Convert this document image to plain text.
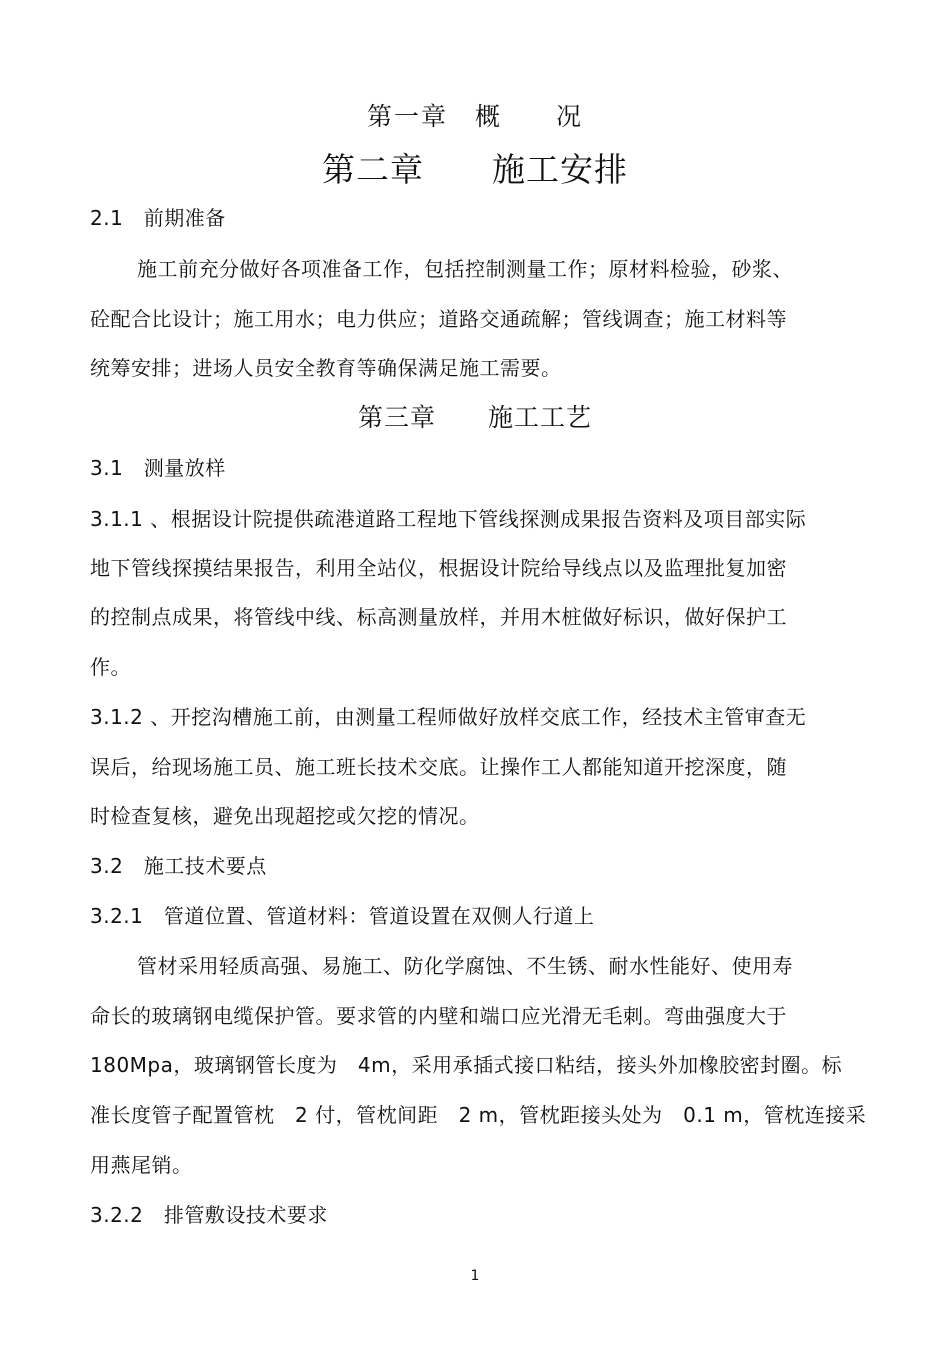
第一章　概　　况
第二章　　施工安排
2.1　前期准备
施工前充分做好各项准备工作，包括控制测量工作；原材料检验，砂浆、
砼配合比设计；施工用水；电力供应；道路交通疏解；管线调查；施工材料等
统筹安排；进场人员安全教育等确保满足施工需要。
第三章　　施工工艺
3.1　测量放样
3.1.1 、根据设计院提供疏港道路工程地下管线探测成果报告资料及项目部实际
地下管线探摸结果报告，利用全站仪，根据设计院给导线点以及监理批复加密
的控制点成果，将管线中线、标高测量放样，并用木桩做好标识，做好保护工
作。
3.1.2 、开挖沟槽施工前，由测量工程师做好放样交底工作，经技术主管审查无
误后，给现场施工员、施工班长技术交底。让操作工人都能知道开挖深度，随
时检查复核，避免出现超挖或欠挖的情况。
3.2　施工技术要点
3.2.1　管道位置、管道材料：管道设置在双侧人行道上
管材采用轻质高强、易施工、防化学腐蚀、不生锈、耐水性能好、使用寿
命长的玻璃钢电缆保护管。要求管的内壁和端口应光滑无毛刺。弯曲强度大于
180Mpa，玻璃钢管长度为　4m，采用承插式接口粘结，接头外加橡胶密封圈。标
准长度管子配置管枕　2 付，管枕间距　2 m，管枕距接头处为　0.1 m，管枕连接采
用燕尾销。
3.2.2　排管敷设技术要求
1
